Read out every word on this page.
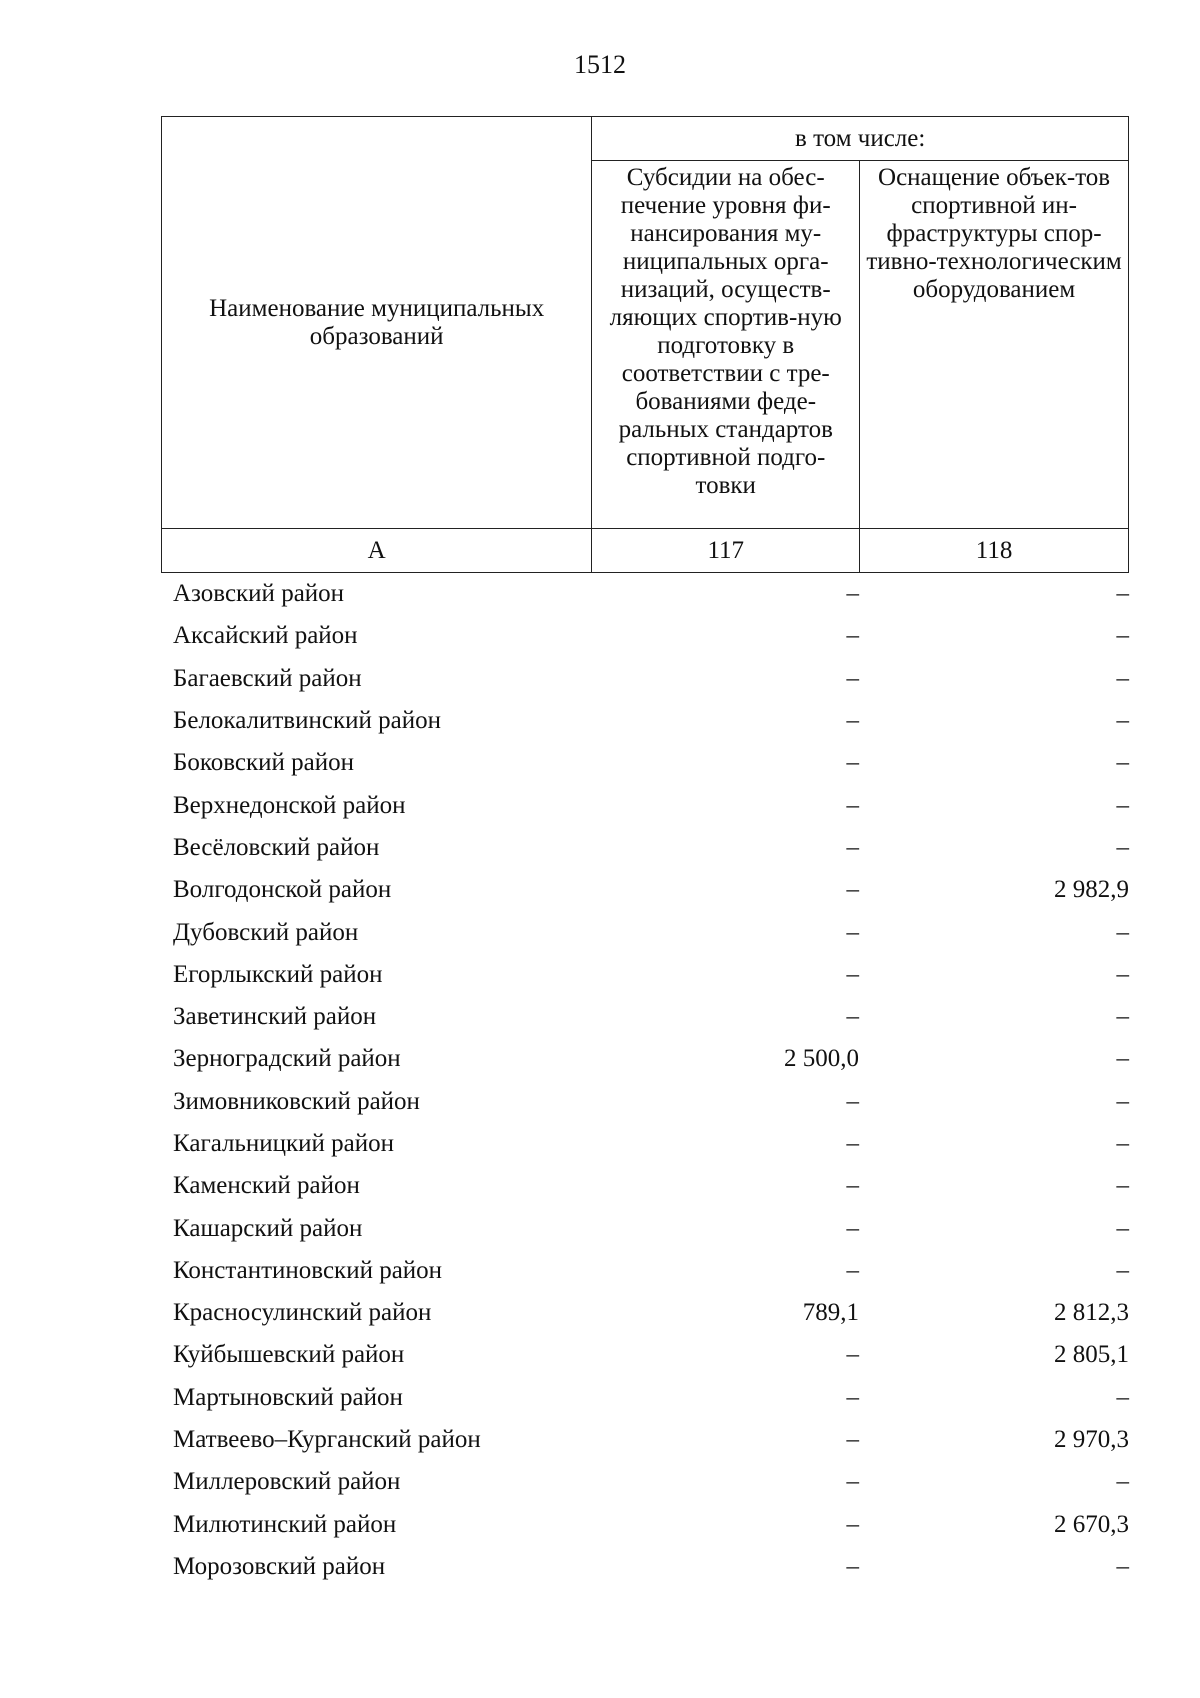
1512
Наименование муниципальных образований	в том числе:	
	Субсидии на обес-печение уровня фи-нансирования му-ниципальных орга-низаций, осуществ-ляющих спортив-ную подготовку в соответствии с тре-бованиями феде-ральных стандартов спортивной подго-товки	Оснащение объек-тов спортивной ин-фраструктуры спор-тивно-технологическим оборудованием
А	117	118
Азовский район	–	–
Аксайский район	–	–
Багаевский район	–	–
Белокалитвинский район	–	–
Боковский район	–	–
Верхнедонской район	–	–
Весёловский район	–	–
Волгодонской район	–	2 982,9
Дубовский район	–	–
Егорлыкский район	–	–
Заветинский район	–	–
Зерноградский район	2 500,0	–
Зимовниковский район	–	–
Кагальницкий район	–	–
Каменский район	–	–
Кашарский район	–	–
Константиновский район	–	–
Красносулинский район	789,1	2 812,3
Куйбышевский район	–	2 805,1
Мартыновский район	–	–
Матвеево–Курганский район	–	2 970,3
Миллеровский район	–	–
Милютинский район	–	2 670,3
Морозовский район	–	–
